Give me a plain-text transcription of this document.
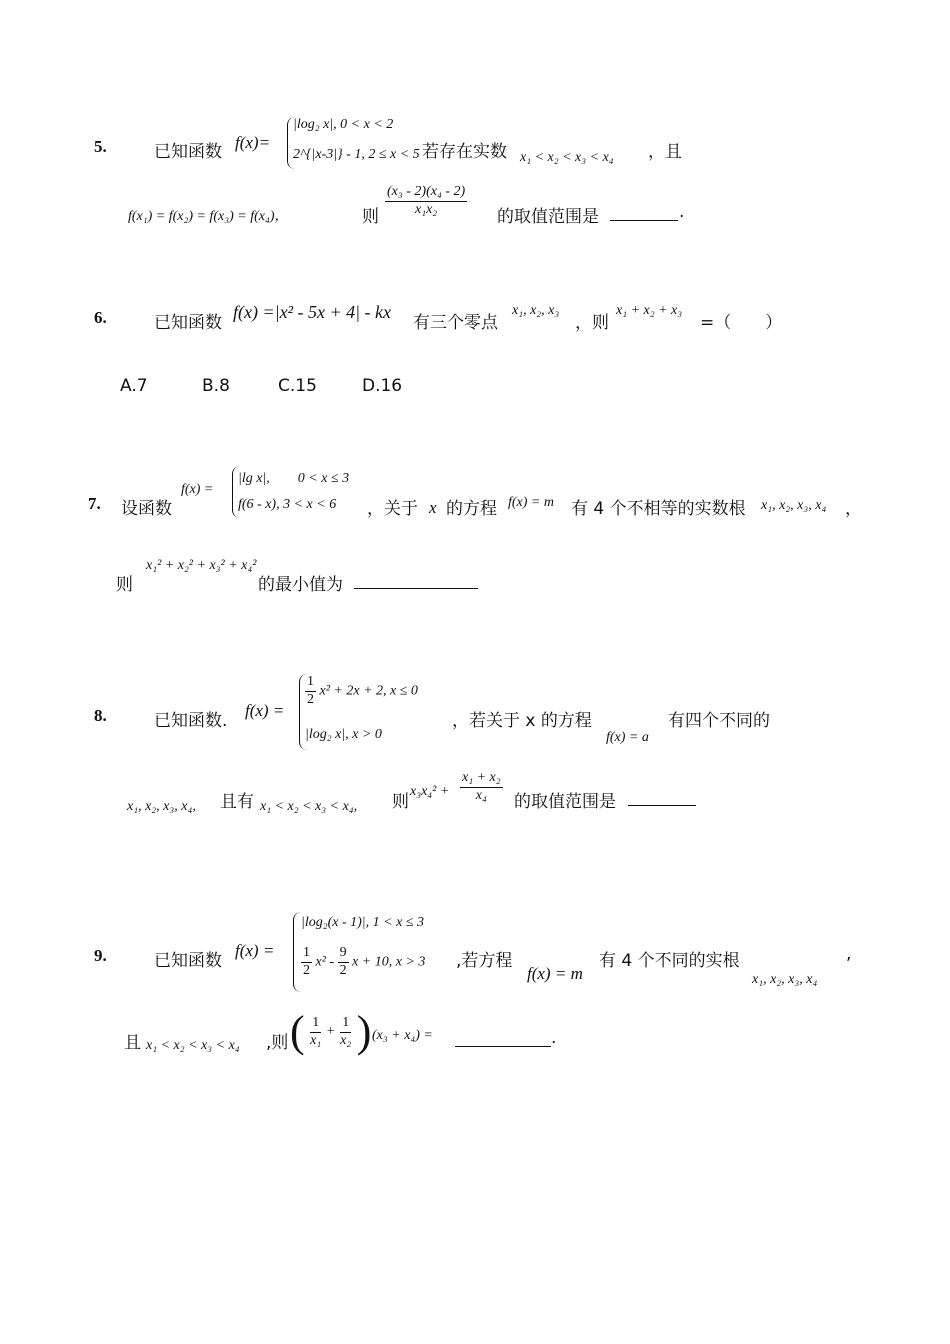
5.	已知函数 f(x)=
|log₂ x|, 0 < x < 2
2^{|x-3|} - 1, 2 ≤ x < 5 若存在实数 x₁ < x₂ < x₃ < x₄ ，且
f(x₁) = f(x₂) = f(x₃) = f(x₄)，	则 $\frac{\text{(x₃ - 2)(x₄ - 2)}}{\text{x₁x₂}}$ 的取值范围是	.
6.	已知函数
f(x) =|x² - 5x + 4| - kx
有三个零点
x₁, x₂, x₃
，则
x₁ + x₂ + x₃
=（　　）
A.7	B.8	C.15	D.16
7. 设函数
f(x) =
|lg x|,　　0 < x ≤ 3
f(6 - x), 3 < x < 6 ，关于 x 的方程 f(x) = m 有 4 个不相等的实数根 x₁, x₂, x₃, x₄ ，
则
x₁² + x₂² + x₃² + x₄²
的最小值为
8.	已知函数.
f(x) =
$\frac{1}{2} x^2 + 2x + 2$, x ≤ 0
|log₂ x|, x > 0
，若关于 x 的方程
f(x) = a
有四个不同的
x₁, x₂, x₃, x₄, 且有 x₁ < x₂ < x₃ < x₄, 则
$x_3x_4^2 + \frac{\text{x₁ + x₂}}{\text{x₄}}$ 的取值范围是
9.	已知函数
f(x) =
|log₂(x - 1)|, 1 < x ≤ 3
$\frac{1}{2} x^2 - \frac{9}{2}$ x + 10, x > 3 ,若方程
f(x) = m
有 4 个不同的实根
x₁, x₂, x₃, x₄
,
且 x₁ < x₂ < x₃ < x₄ ,则 ( $\frac{1}{\text{x₁}} + \frac{1}{\text{x₂}}$ ) (x₃ + x₄) =	.
